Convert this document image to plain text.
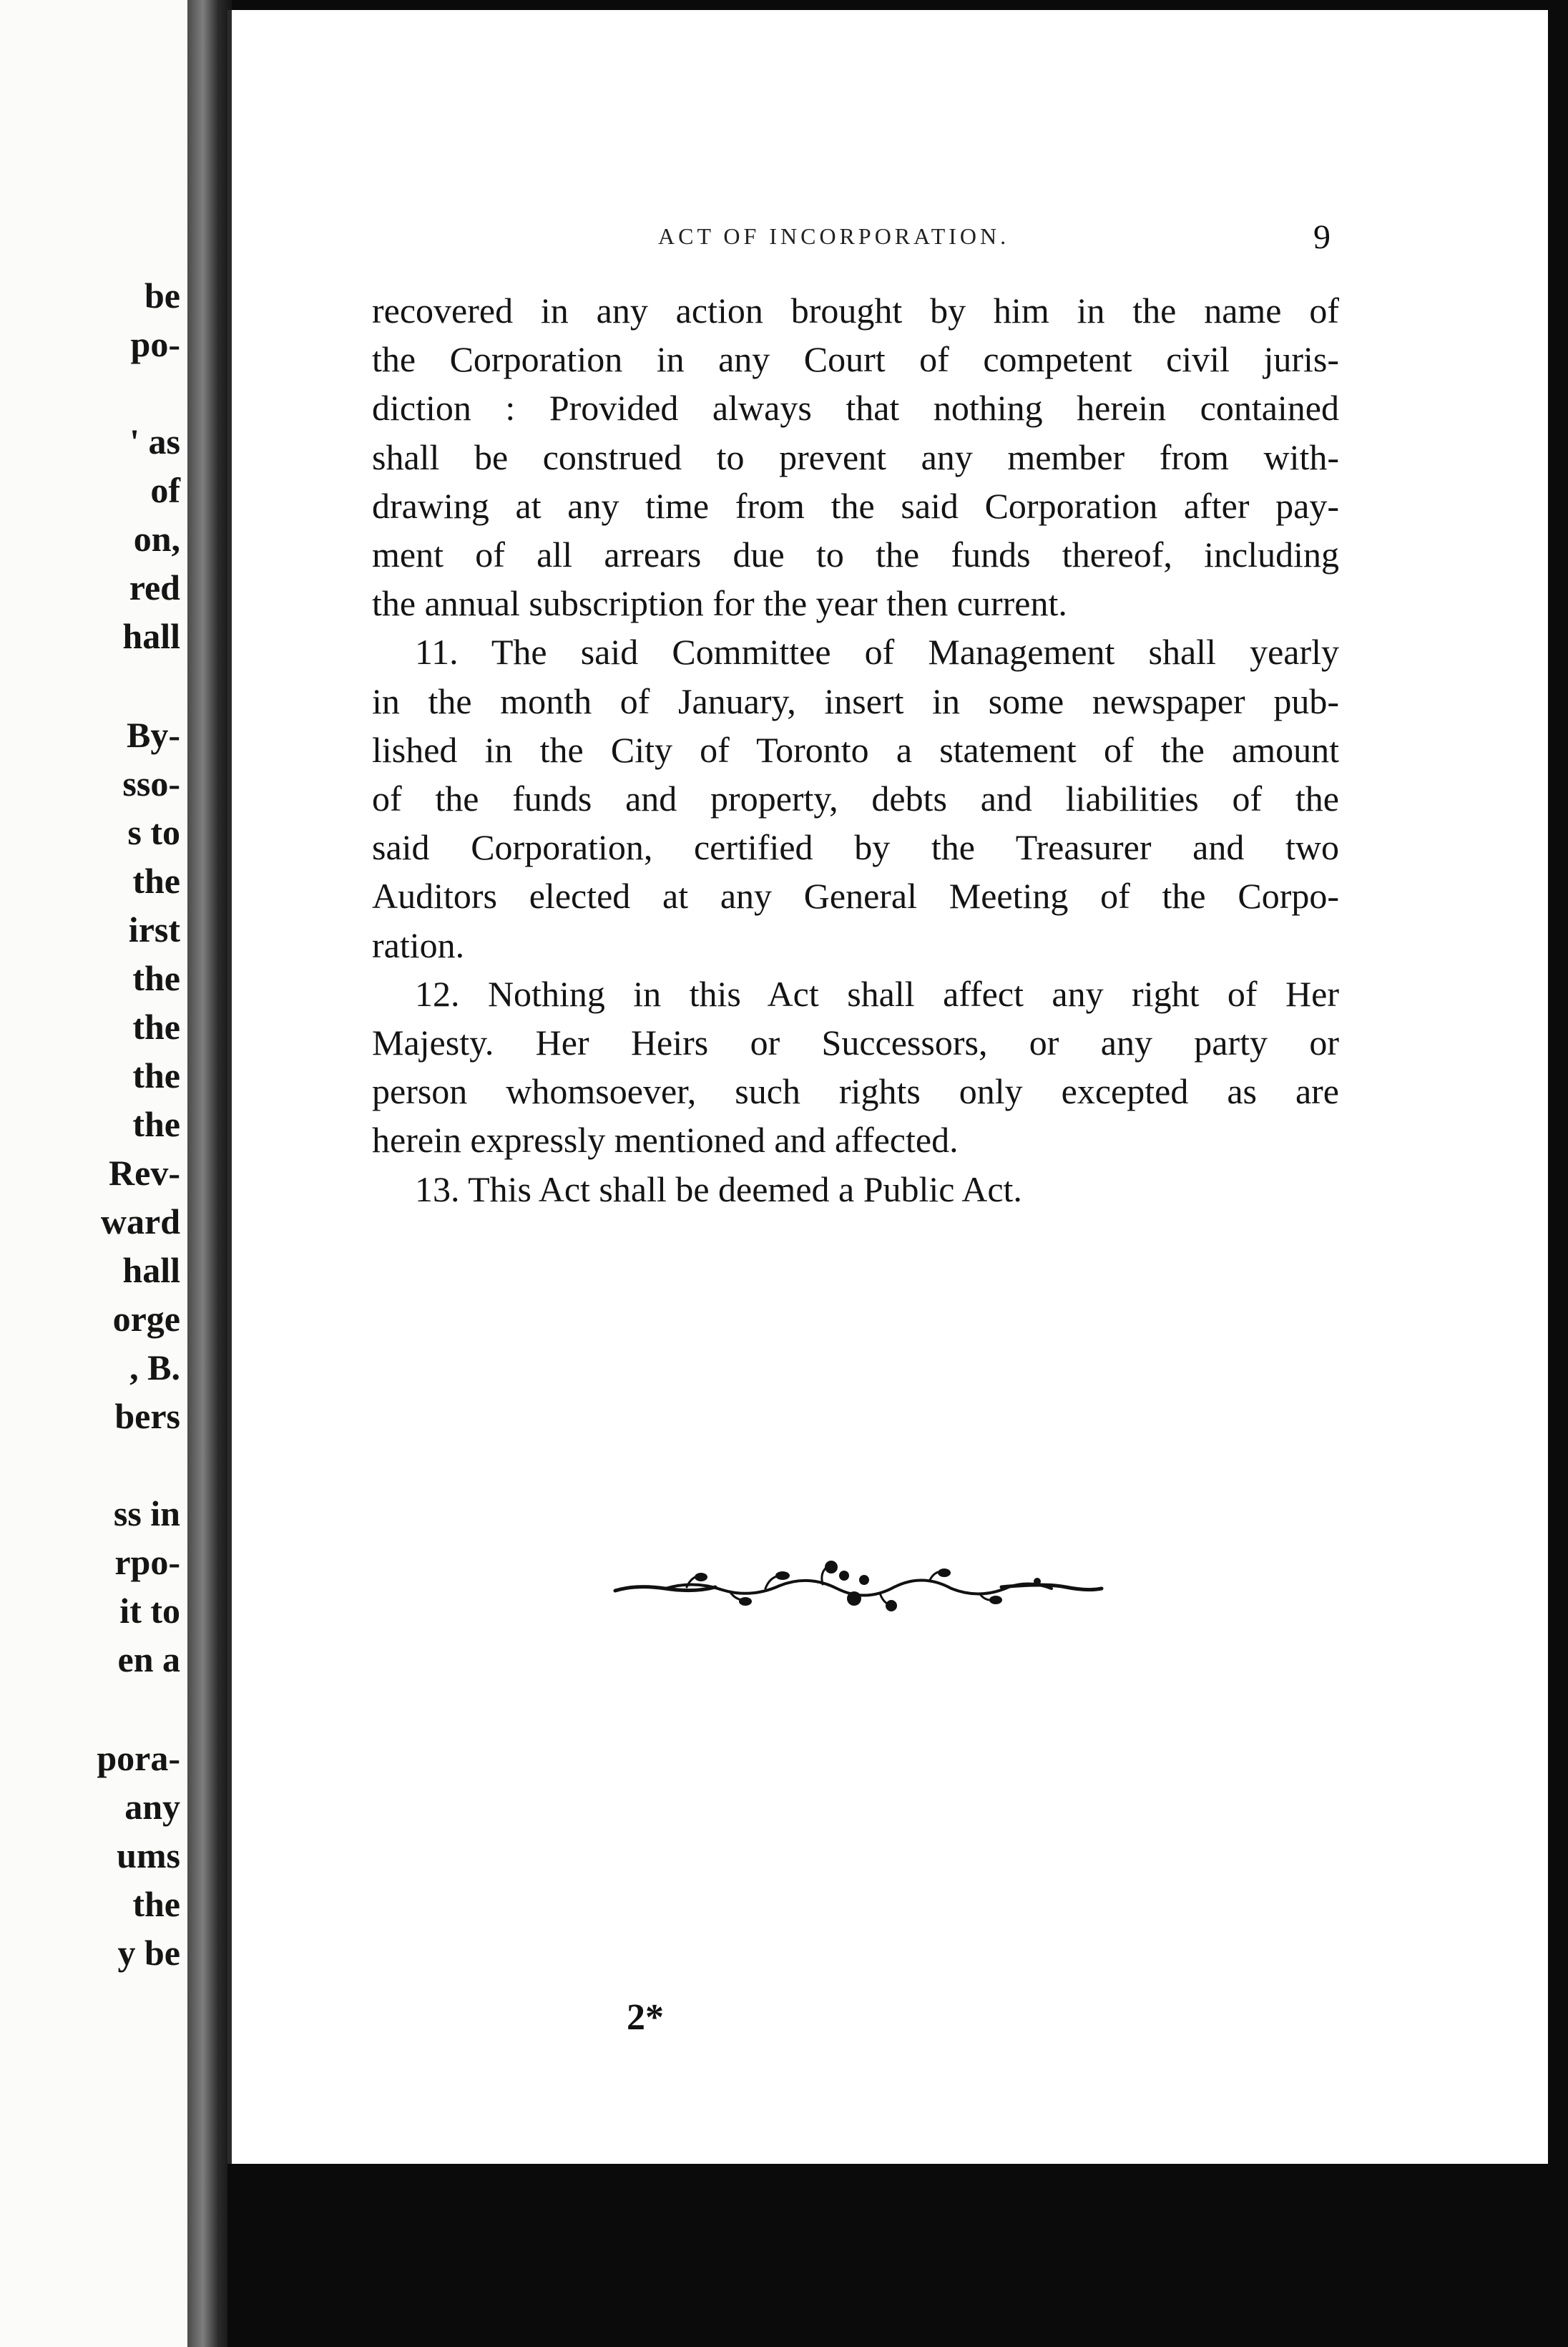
be
po-
' as
of
on,
red
hall
By-
sso-
s to
the
irst
the
the
the
the
Rev-
ward
hall
orge
, B.
bers
ss in
rpo-
it to
en a
pora-
any
ums
the
y be
ACT OF INCORPORATION.	9
recovered in any action brought by him in the name of
the Corporation in any Court of competent civil juris-
diction : Provided always that nothing herein contained
shall be construed to prevent any member from with-
drawing at any time from the said Corporation after pay-
ment of all arrears due to the funds thereof, including
the annual subscription for the year then current.
11. The said Committee of Management shall yearly
in the month of January, insert in some newspaper pub-
lished in the City of Toronto a statement of the amount
of the funds and property, debts and liabilities of the
said Corporation, certified by the Treasurer and two
Auditors elected at any General Meeting of the Corpo-
ration.
12. Nothing in this Act shall affect any right of Her
Majesty. Her Heirs or Successors, or any party or
person whomsoever, such rights only excepted as are
herein expressly mentioned and affected.
13. This Act shall be deemed a Public Act.
2*
